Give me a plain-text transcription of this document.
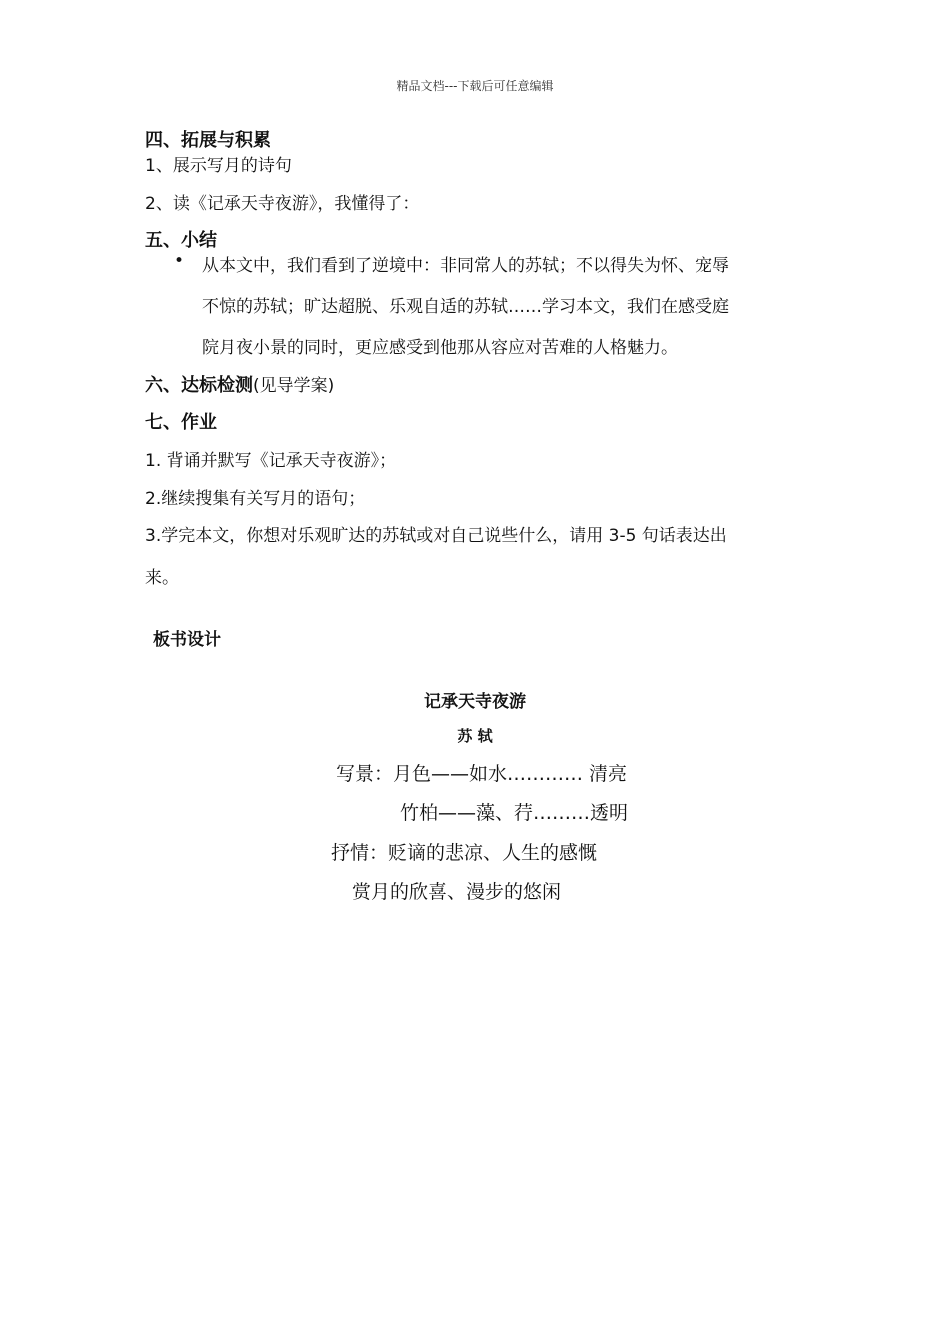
精品文档---下载后可任意编辑
四、拓展与积累
1、展示写月的诗句
2、读《记承天寺夜游》，我懂得了：
五、小结
• 从本文中，我们看到了逆境中：非同常人的苏轼；不以得失为怀、宠辱
不惊的苏轼；旷达超脱、乐观自适的苏轼……学习本文，我们在感受庭
院月夜小景的同时，更应感受到他那从容应对苦难的人格魅力。
六、达标检测(见导学案)
七、作业
1. 背诵并默写《记承天寺夜游》；
2.继续搜集有关写月的语句；
3.学完本文，你想对乐观旷达的苏轼或对自己说些什么，请用 3-5 句话表达出
来。
板书设计
记承天寺夜游
苏 轼
写景：月色——如水………… 清亮
竹柏——藻、荇………透明
抒情：贬谪的悲凉、人生的感慨
赏月的欣喜、漫步的悠闲
